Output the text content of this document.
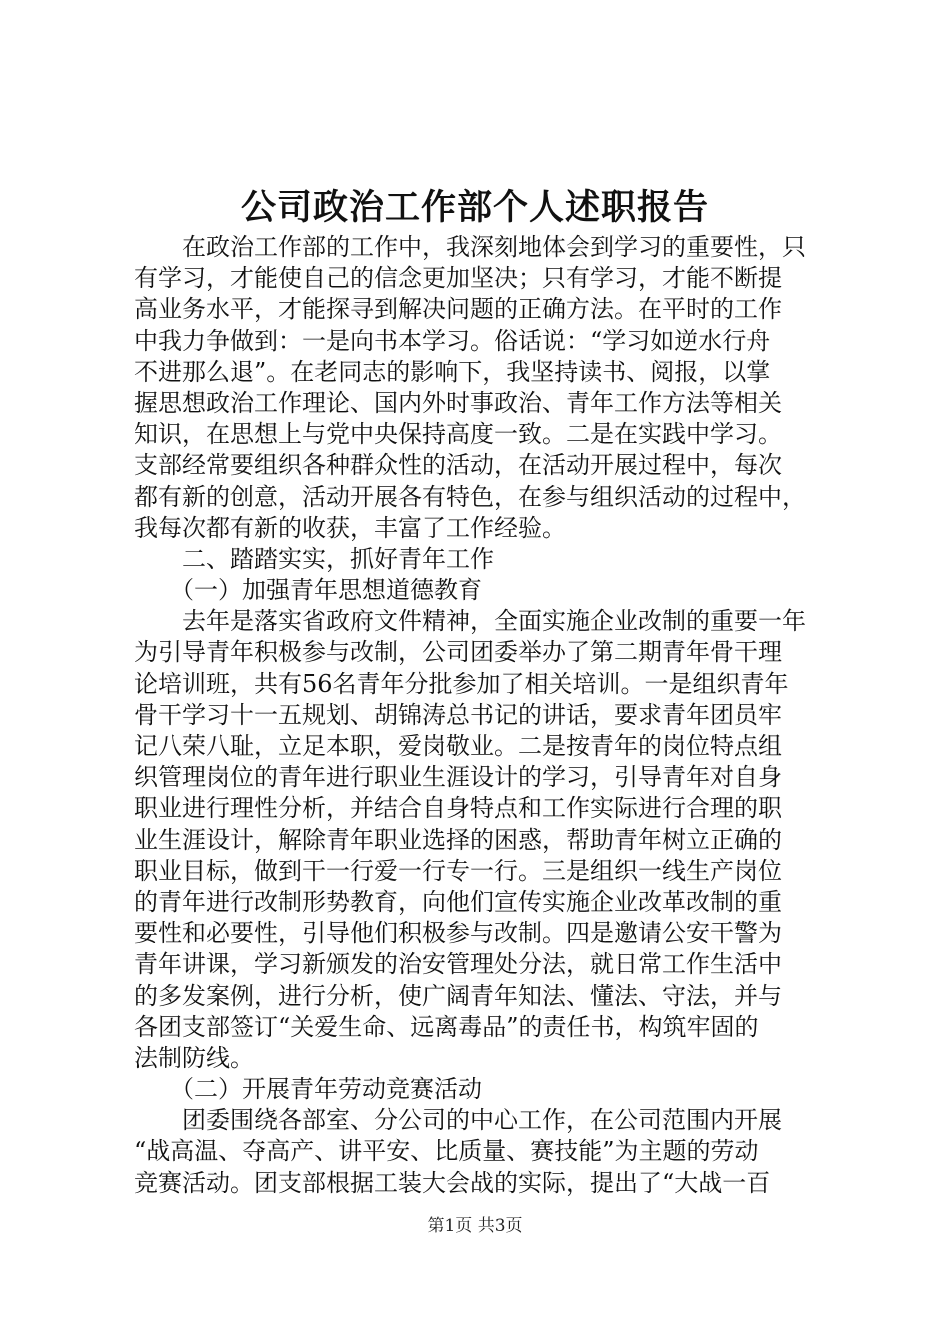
公司政治工作部个人述职报告
　　在政治工作部的工作中，我深刻地体会到学习的重要性，只
有学习，才能使自己的信念更加坚决；只有学习，才能不断提
高业务水平，才能探寻到解决问题的正确方法。在平时的工作
中我力争做到：一是向书本学习。俗话说：“学习如逆水行舟
不进那么退”。在老同志的影响下，我坚持读书、阅报，以掌
握思想政治工作理论、国内外时事政治、青年工作方法等相关
知识，在思想上与党中央保持高度一致。二是在实践中学习。
支部经常要组织各种群众性的活动，在活动开展过程中，每次
都有新的创意，活动开展各有特色，在参与组织活动的过程中，
我每次都有新的收获，丰富了工作经验。
　　二、踏踏实实，抓好青年工作
　　（一）加强青年思想道德教育
　　去年是落实省政府文件精神，全面实施企业改制的重要一年
为引导青年积极参与改制，公司团委举办了第二期青年骨干理
论培训班，共有56名青年分批参加了相关培训。一是组织青年
骨干学习十一五规划、胡锦涛总书记的讲话，要求青年团员牢
记八荣八耻，立足本职，爱岗敬业。二是按青年的岗位特点组
织管理岗位的青年进行职业生涯设计的学习，引导青年对自身
职业进行理性分析，并结合自身特点和工作实际进行合理的职
业生涯设计，解除青年职业选择的困惑，帮助青年树立正确的
职业目标，做到干一行爱一行专一行。三是组织一线生产岗位
的青年进行改制形势教育，向他们宣传实施企业改革改制的重
要性和必要性，引导他们积极参与改制。四是邀请公安干警为
青年讲课，学习新颁发的治安管理处分法，就日常工作生活中
的多发案例，进行分析，使广阔青年知法、懂法、守法，并与
各团支部签订“关爱生命、远离毒品”的责任书，构筑牢固的
法制防线。
　　（二）开展青年劳动竞赛活动
　　团委围绕各部室、分公司的中心工作，在公司范围内开展
“战高温、夺高产、讲平安、比质量、赛技能”为主题的劳动
竞赛活动。团支部根据工装大会战的实际，提出了“大战一百
第1页 共3页
